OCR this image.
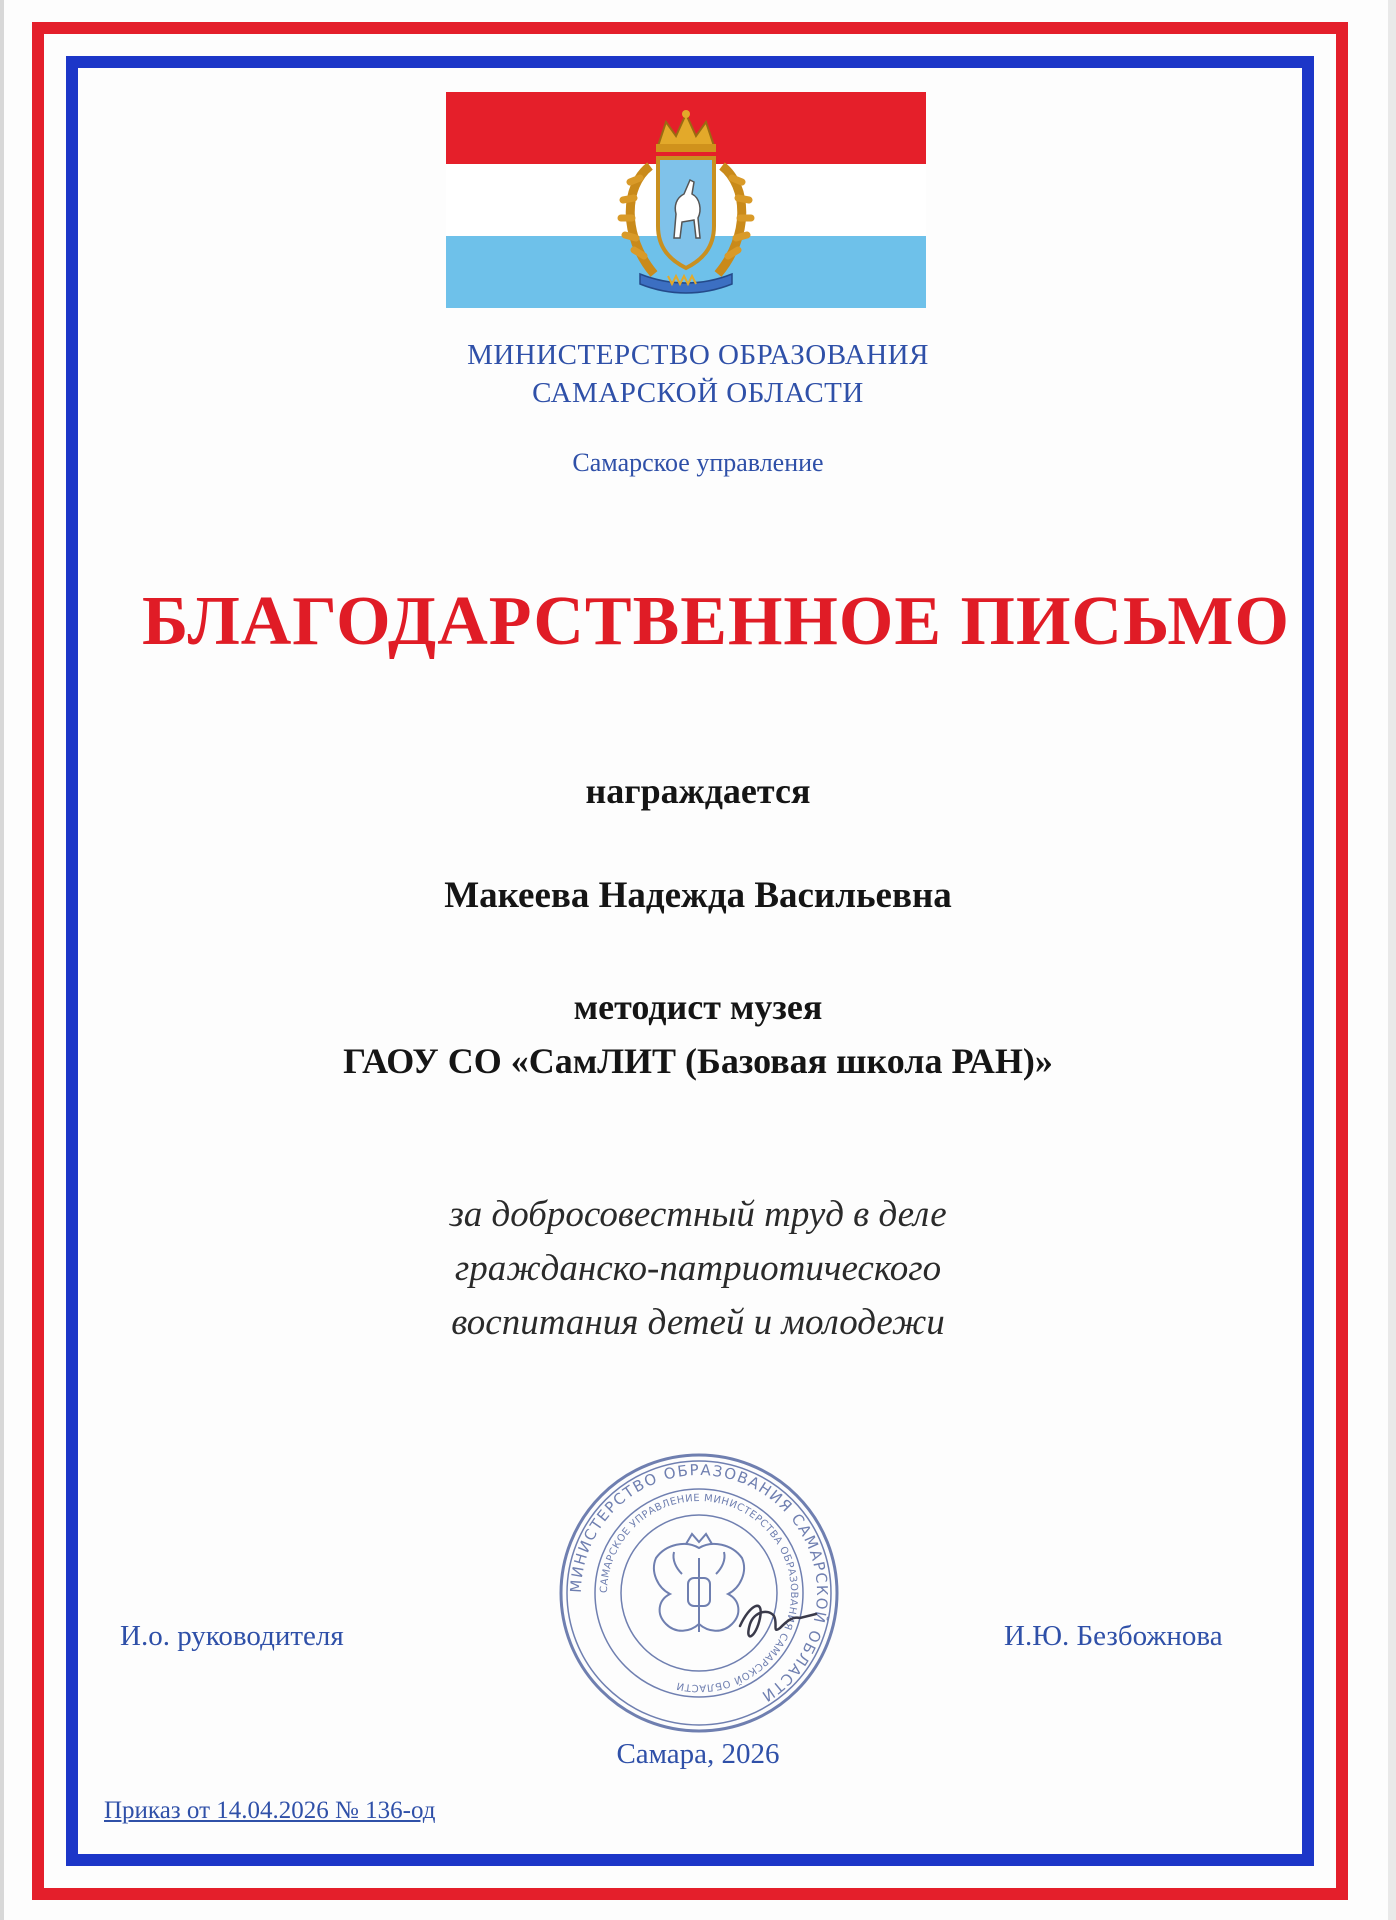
МИНИСТЕРСТВО ОБРАЗОВАНИЯ
САМАРСКОЙ ОБЛАСТИ

Самарское управление

БЛАГОДАРСТВЕННОЕ ПИСЬМО

награждается

Макеева Надежда Васильевна

методист музея
ГАОУ СО «СамЛИТ (Базовая школа РАН)»

за добросовестный труд в деле
гражданско-патриотического
воспитания детей и молодежи

МИНИСТЕРСТВО ОБРАЗОВАНИЯ САМАРСКОЙ ОБЛАСТИ
САМАРСКОЕ УПРАВЛЕНИЕ МИНИСТЕРСТВА ОБРАЗОВАНИЯ САМАРСКОЙ ОБЛАСТИ

И.о. руководителя	И.Ю. Безбожнова

Самара, 2026

Приказ от 14.04.2026 № 136-од
